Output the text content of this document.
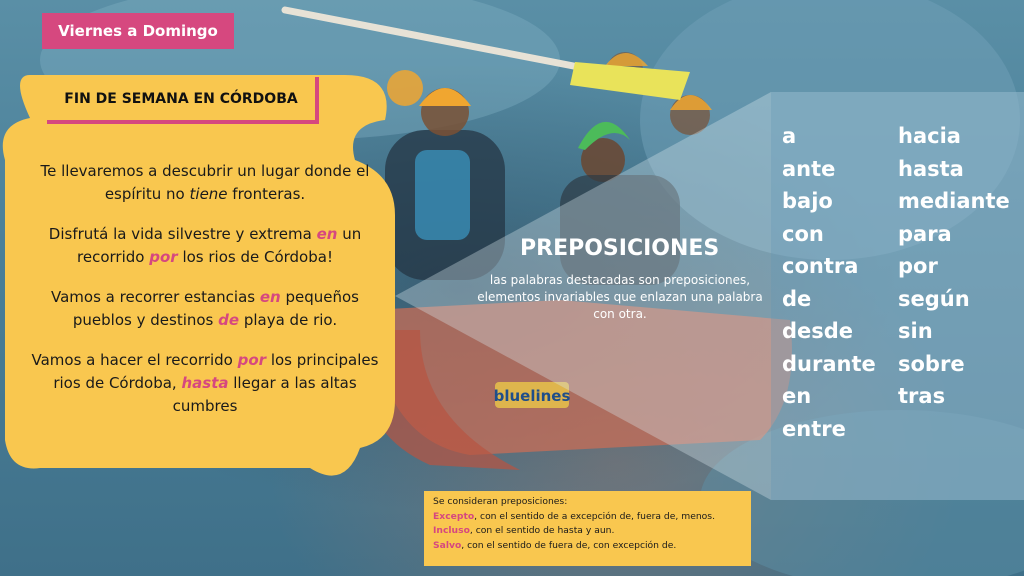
bluelines
Viernes a Domingo
FIN DE SEMANA EN CÓRDOBA

Te llevaremos a descubrir un lugar donde el espíritu no tiene fronteras.

Disfrutá la vida silvestre y extrema en un recorrido por los rios de Córdoba!

Vamos a recorrer estancias en pequeños pueblos y destinos de playa de rio.

Vamos a hacer el recorrido por los principales rios de Córdoba, hasta llegar a las altas cumbres

PREPOSICIONES
las palabras destacadas son preposiciones, elementos invariables que enlazan una palabra con otra.
a
ante
bajo
con
contra
de
desde
durante
en
entre
hacia
hasta
mediante
para
por
según
sin
sobre
tras
Se consideran preposiciones:
Excepto, con el sentido de a excepción de, fuera de, menos.
Incluso, con el sentido de hasta y aun.
Salvo, con el sentido de fuera de, con excepción de.
